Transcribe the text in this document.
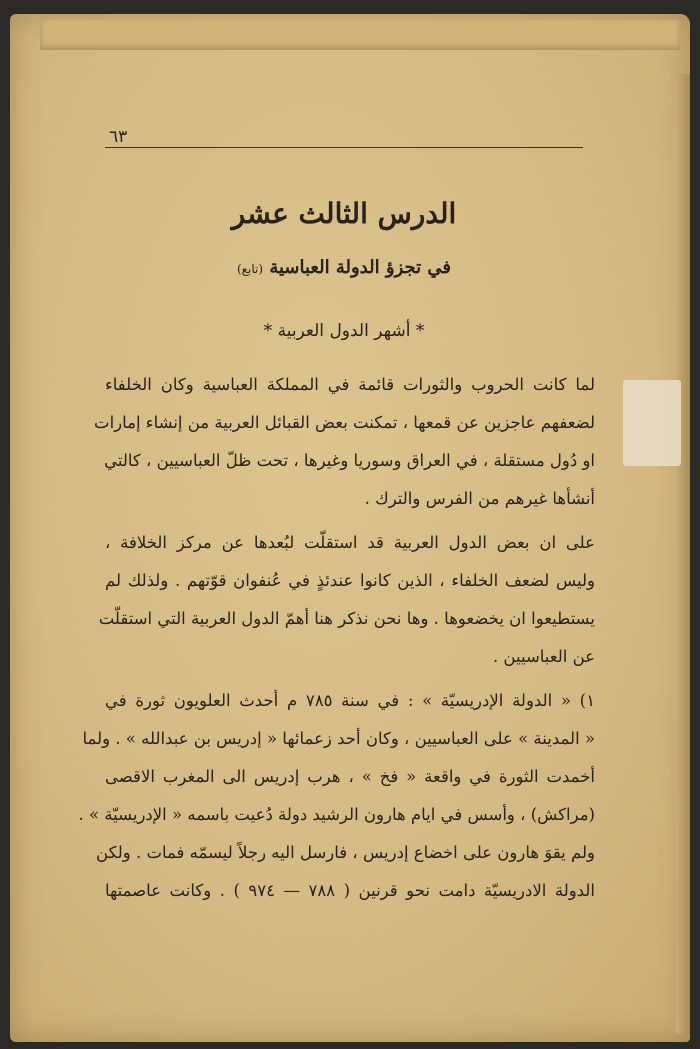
٦٣
الدرس الثالث عشر
في تجزؤ الدولة العباسية (تابع)
* أشهر الدول العربية *
لما كانت الحروب والثورات قائمة في المملكة العباسية وكان الخلفاء
لضعفهم عاجزين عن قمعها ، تمكنت بعض القبائل العربية من إنشاء إمارات
او دُول مستقلة ، في العراق وسوريا وغيرها ، تحت ظلّ العباسيين ، كالتي
أنشأها غيرهم من الفرس والترك .
على ان بعض الدول العربية قد استقلّت لبُعدها عن مركز الخلافة ،
وليس لضعف الخلفاء ، الذين كانوا عندئذٍ في عُنفوان قوّتهم . ولذلك لم
يستطيعوا ان يخضعوها . وها نحن نذكر هنا أهمّ الدول العربية التي استقلّت
عن العباسيين .
١) « الدولة الإدريسيّة » : في سنة ٧٨٥ م أحدث العلويون ثورة في
« المدينة » على العباسيين ، وكان أحد زعمائها « إدريس بن عبدالله » . ولما
أخمدت الثورة في واقعة « فخ » ، هرب إدريس الى المغرب الاقصى
(مراكش) ، وأسس في ايام هارون الرشيد دولة دُعيت باسمه « الإدريسيّة » .
ولم يقوَ هارون على اخضاع إدريس ، فارسل اليه رجلاً ليسمّه فمات . ولكن
الدولة الادريسيّة دامت نحو قرنين ( ٧٨٨ — ٩٧٤ ) . وكانت عاصمتها
